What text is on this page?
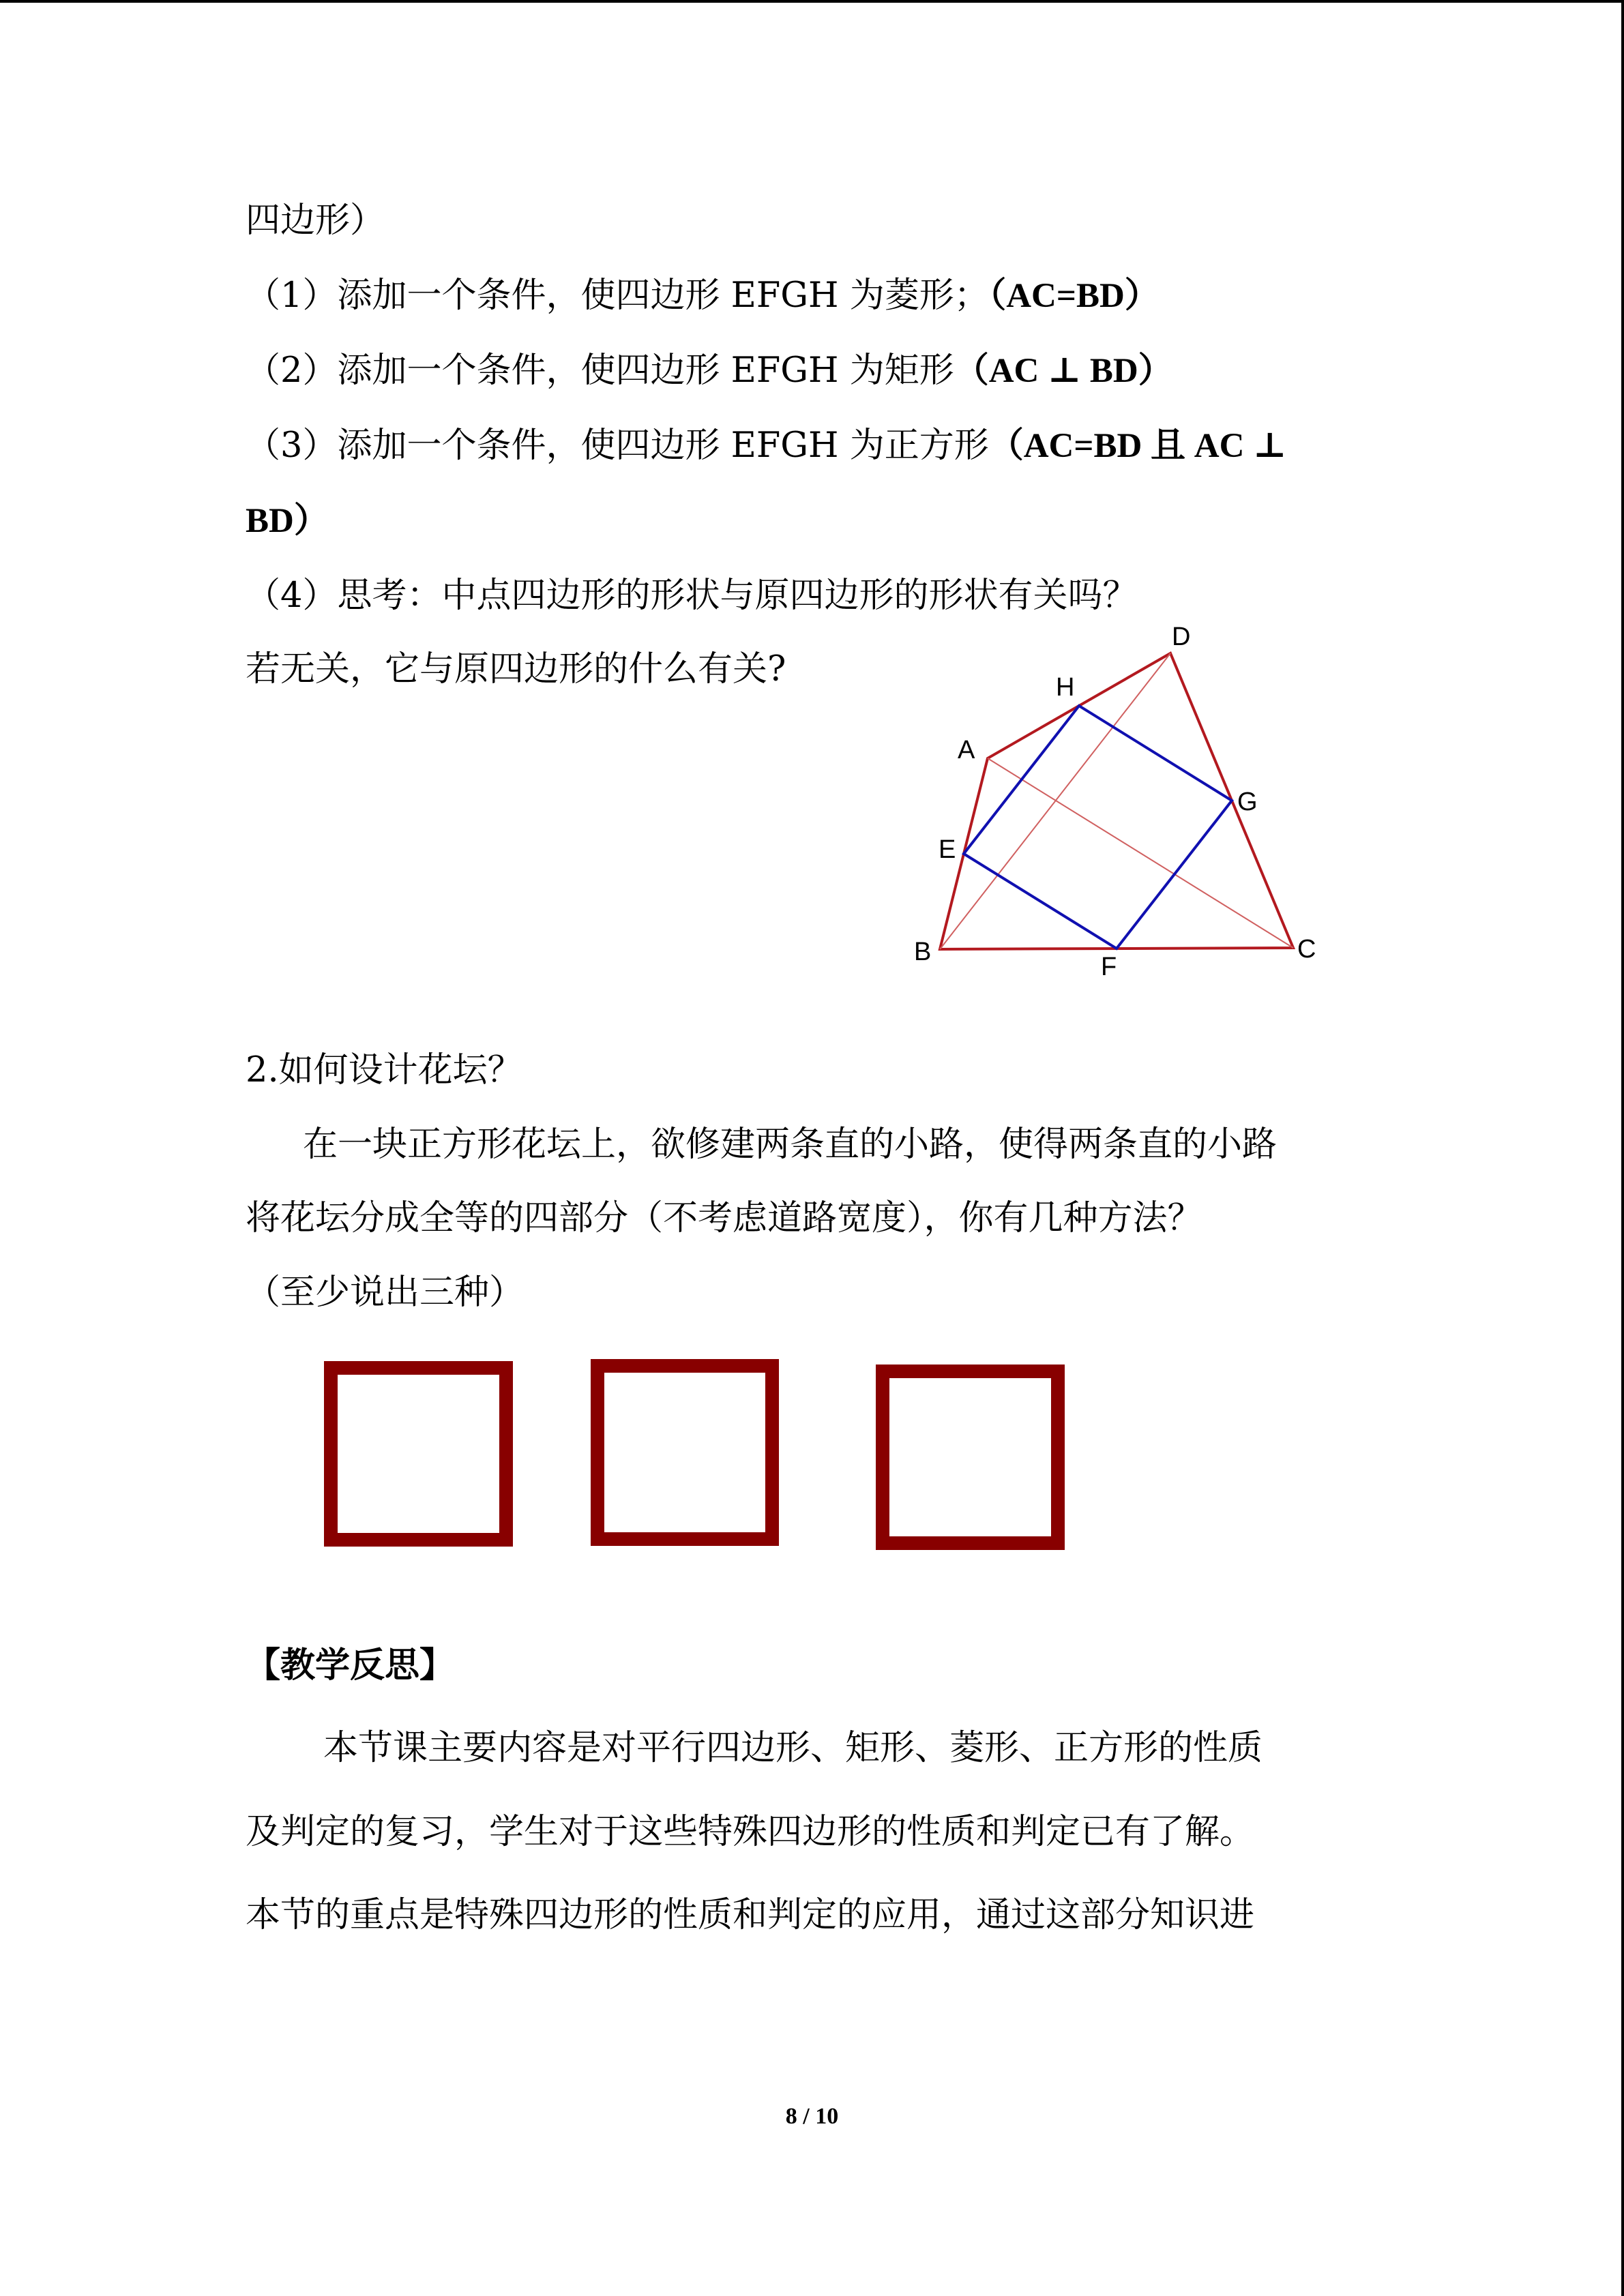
四边形）

（1）添加一个条件，使四边形 EFGH 为菱形；（AC=BD）

（2）添加一个条件，使四边形 EFGH 为矩形（AC ⊥ BD）

（3）添加一个条件，使四边形 EFGH 为正方形（AC=BD 且 AC ⊥

BD）

（4）思考：中点四边形的形状与原四边形的形状有关吗？

若无关，它与原四边形的什么有关?

D
H
A
G
E
B
F
C

2.如何设计花坛？

在一块正方形花坛上，欲修建两条直的小路，使得两条直的小路

将花坛分成全等的四部分（不考虑道路宽度），你有几种方法？

（至少说出三种）

【教学反思】

本节课主要内容是对平行四边形、矩形、菱形、正方形的性质

及判定的复习，学生对于这些特殊四边形的性质和判定已有了解。

本节的重点是特殊四边形的性质和判定的应用，通过这部分知识进

8 / 10
